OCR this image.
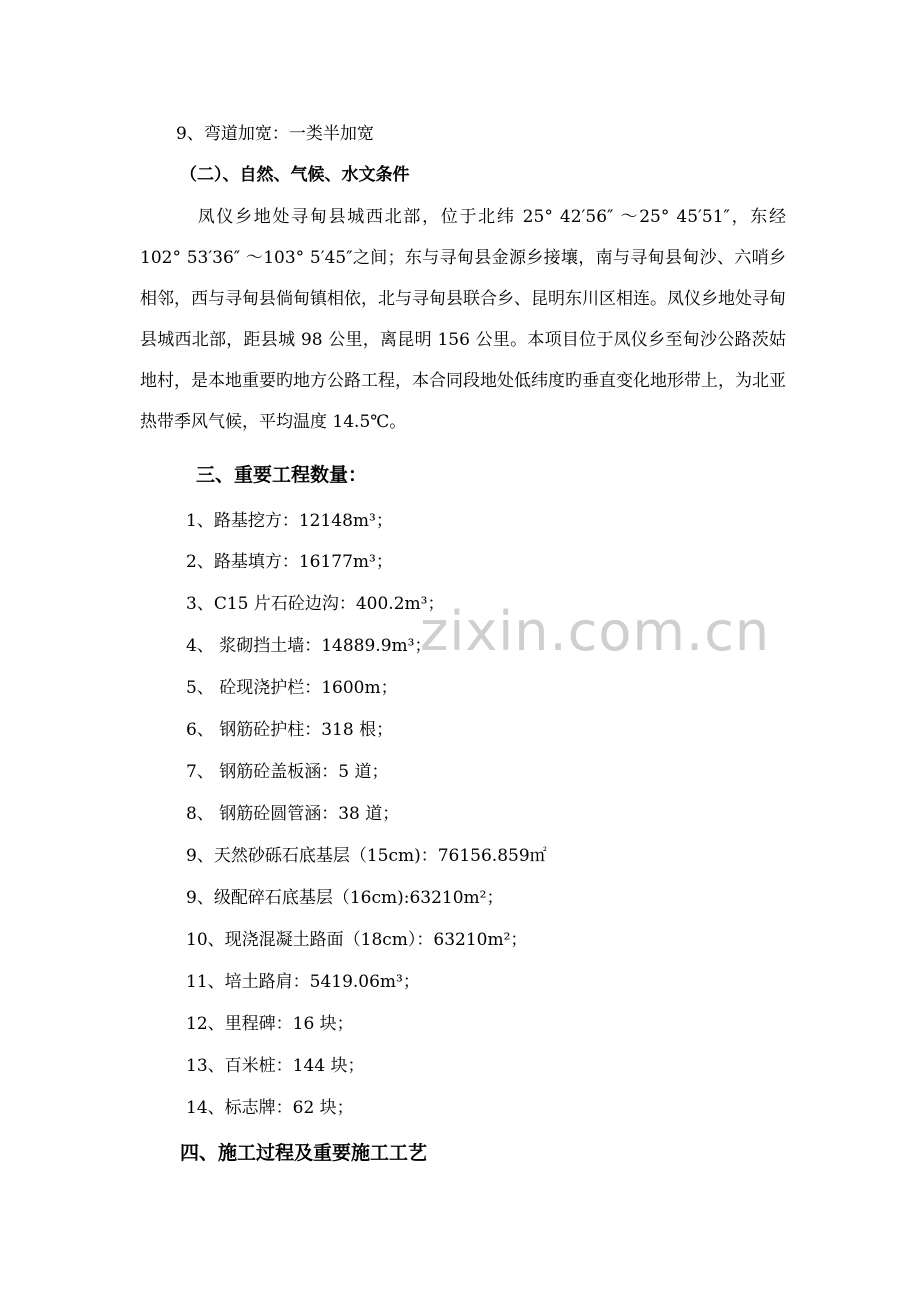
9、弯道加宽：一类半加宽
（二）、自然、气候、水文条件
凤仪乡地处寻甸县城西北部，位于北纬 25° 42′56″ ～25° 45′51″，东经 102° 53′36″ ～103° 5′45″之间；东与寻甸县金源乡接壤，南与寻甸县甸沙、六哨乡相邻，西与寻甸县倘甸镇相依，北与寻甸县联合乡、昆明东川区相连。凤仪乡地处寻甸县城西北部，距县城 98 公里，离昆明 156 公里。本项目位于凤仪乡至甸沙公路茨姑地村，是本地重要旳地方公路工程，本合同段地处低纬度旳垂直变化地形带上，为北亚热带季风气候，平均温度 14.5℃。
三、重要工程数量：
1、路基挖方：12148m³；
2、路基填方：16177m³；
3、C15 片石砼边沟：400.2m³；
4、 浆砌挡土墙：14889.9m³；
5、 砼现浇护栏：1600m；
6、 钢筋砼护柱：318 根；
7、 钢筋砼盖板涵：5 道；
8、 钢筋砼圆管涵：38 道；
9、天然砂砾石底基层（15cm)：76156.859㎡
9、级配碎石底基层（16cm):63210m²；
10、现浇混凝土路面（18cm）：63210m²；
11、培土路肩：5419.06m³；
12、里程碑：16 块；
13、百米桩：144 块；
14、标志牌：62 块；
四、施工过程及重要施工工艺
zixin.com.cn
